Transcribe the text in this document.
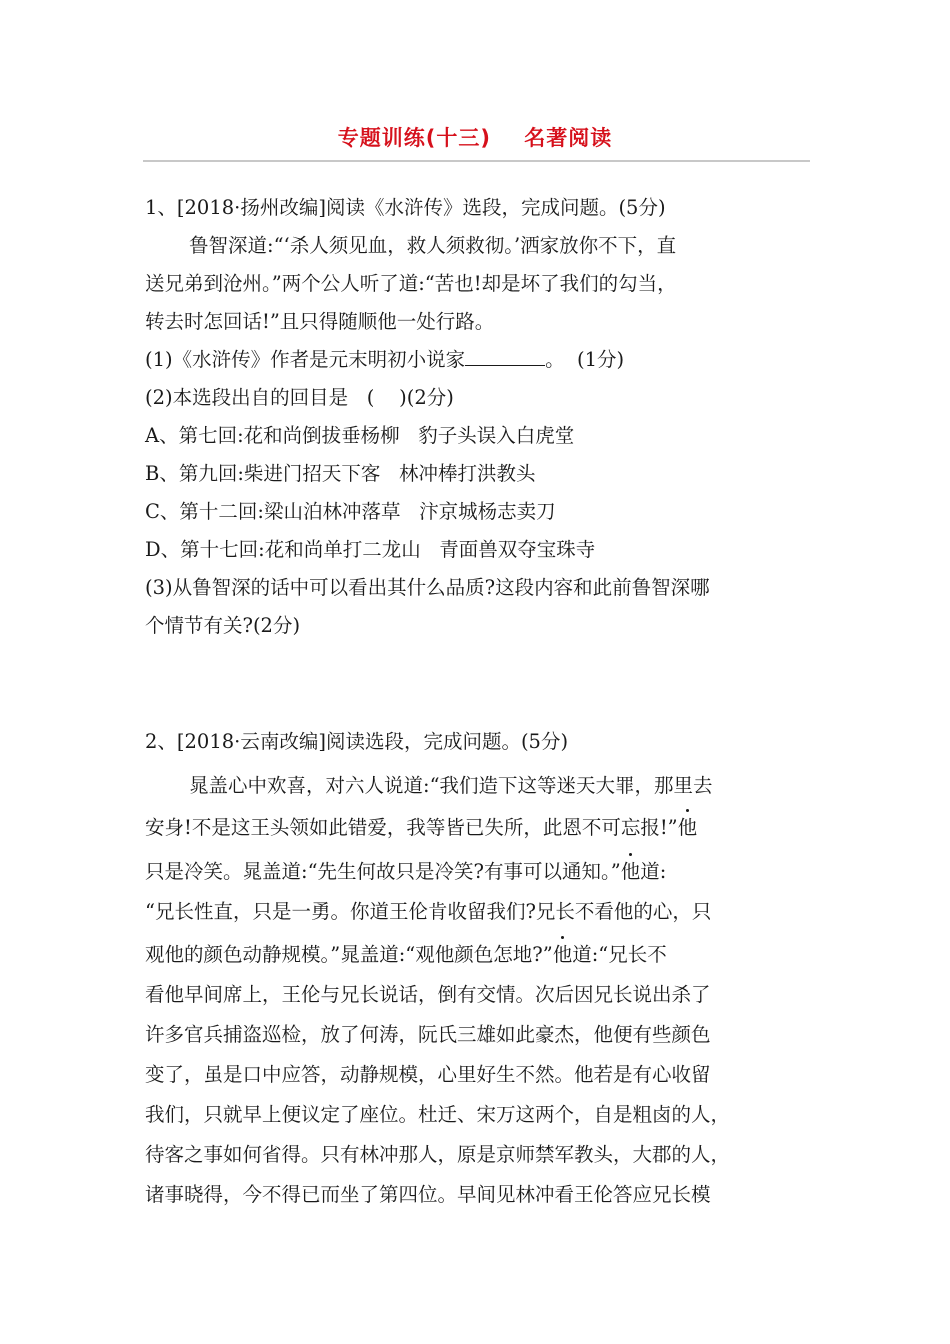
专题训练(十三)    名著阅读
1、[2018·扬州改编]阅读《水浒传》选段，完成问题。(5分)
鲁智深道:“‘杀人须见血，救人须救彻。’洒家放你不下，直
送兄弟到沧州。”两个公人听了道:“苦也!却是坏了我们的勾当，
转去时怎回话!”且只得随顺他一处行路。
(1)《水浒传》作者是元末明初小说家	。  (1分)
(2)本选段出自的回目是   (    )(2分)
A、第七回:花和尚倒拔垂杨柳   豹子头误入白虎堂
B、第九回:柴进门招天下客   林冲棒打洪教头
C、第十二回:梁山泊林冲落草   汴京城杨志卖刀
D、第十七回:花和尚单打二龙山   青面兽双夺宝珠寺
(3)从鲁智深的话中可以看出其什么品质?这段内容和此前鲁智深哪
个情节有关?(2分)
2、[2018·云南改编]阅读选段，完成问题。(5分)
晁盖心中欢喜，对六人说道:“我们造下这等迷天大罪，那里去
安身!不是这王头领如此错爱，我等皆已失所，此恩不可忘报!”他
只是冷笑。晁盖道:“先生何故只是冷笑?有事可以通知。”他道:
“兄长性直，只是一勇。你道王伦肯收留我们?兄长不看他的心，只
观他的颜色动静规模。”晁盖道:“观他颜色怎地?”他道:“兄长不
看他早间席上，王伦与兄长说话，倒有交情。次后因兄长说出杀了
许多官兵捕盗巡检，放了何涛，阮氏三雄如此豪杰，他便有些颜色
变了，虽是口中应答，动静规模，心里好生不然。他若是有心收留
我们，只就早上便议定了座位。杜迁、宋万这两个，自是粗卤的人，
待客之事如何省得。只有林冲那人，原是京师禁军教头，大郡的人，
诸事晓得，今不得已而坐了第四位。早间见林冲看王伦答应兄长模
